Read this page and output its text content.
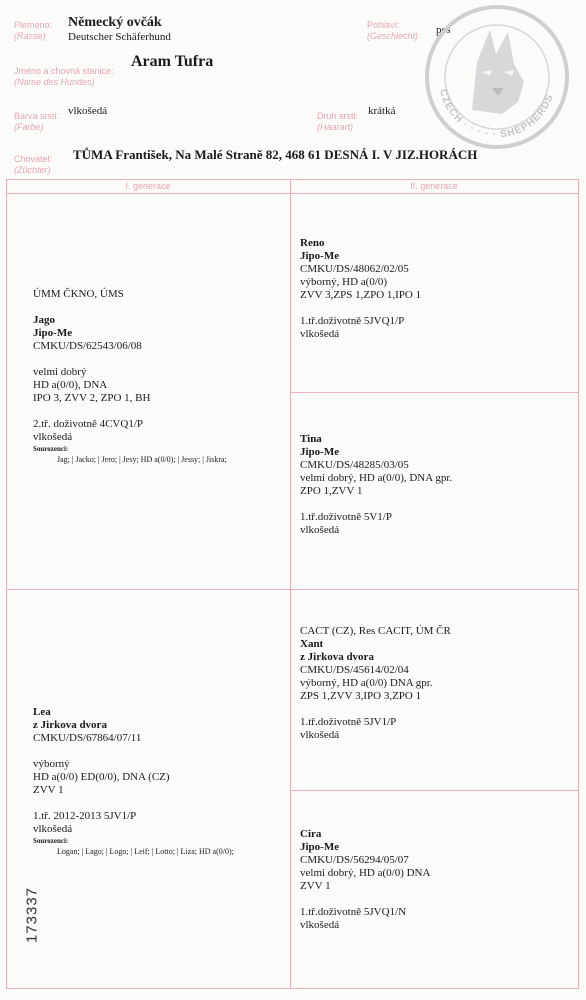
Plemeno:
(Rasse)
Německý ovčák
Deutscher Schäferhund
Pohlaví:
(Geschlecht) pes
Jméno a chovná stanice:
(Name des Hundes)
Aram Tufra
Barva srsti:
(Farbe)
vlkošedá	Druh srsti:
(Haarart)
krátká
Chovatel:
(Züchter)
TŮMA František, Na Malé Straně 82, 468 61 DESNÁ I. V JIZ.HORÁCH
CZECH · · · · · SHEPHERDS
I. generace	II. generace
ÚMM ČKNO, ÚMS
Jago
Jipo-Me
CMKU/DS/62543/06/08
velmi dobrý
HD a(0/0), DNA
IPO 3, ZVV 2, ZPO 1, BH
2.tř. doživotně 4CVQ1/P
vlkošedá
Sourozenci:
Jag; | Jacko; | Jero; | Jesy; HD a(0/0); | Jessy; | Jiskra;
Lea
z Jirkova dvora
CMKU/DS/67864/07/11
výborný
HD a(0/0) ED(0/0), DNA (CZ)
ZVV 1
1.tř. 2012-2013 5JV1/P
vlkošedá
Sourozenci:
Logan; | Lago; | Logo; | Leif; | Lotto; | Liza; HD a(0/0);
Reno
Jipo-Me
CMKU/DS/48062/02/05
výborný, HD a(0/0)
ZVV 3,ZPS 1,ZPO 1,IPO 1
1.tř.doživotně 5JVQ1/P
vlkošedá
Tina
Jipo-Me
CMKU/DS/48285/03/05
velmi dobrý, HD a(0/0), DNA gpr.
ZPO 1,ZVV 1
1.tř.doživotně 5V1/P
vlkošedá
CACT (CZ), Res CACIT, ÚM ČR
Xant
z Jirkova dvora
CMKU/DS/45614/02/04
výborný, HD a(0/0) DNA gpr.
ZPS 1,ZVV 3,IPO 3,ZPO 1
1.tř.doživotně 5JV1/P
vlkošedá
Cira
Jipo-Me
CMKU/DS/56294/05/07
velmi dobrý, HD a(0/0) DNA
ZVV 1
1.tř.doživotně 5JVQ1/N
vlkošedá
173337
